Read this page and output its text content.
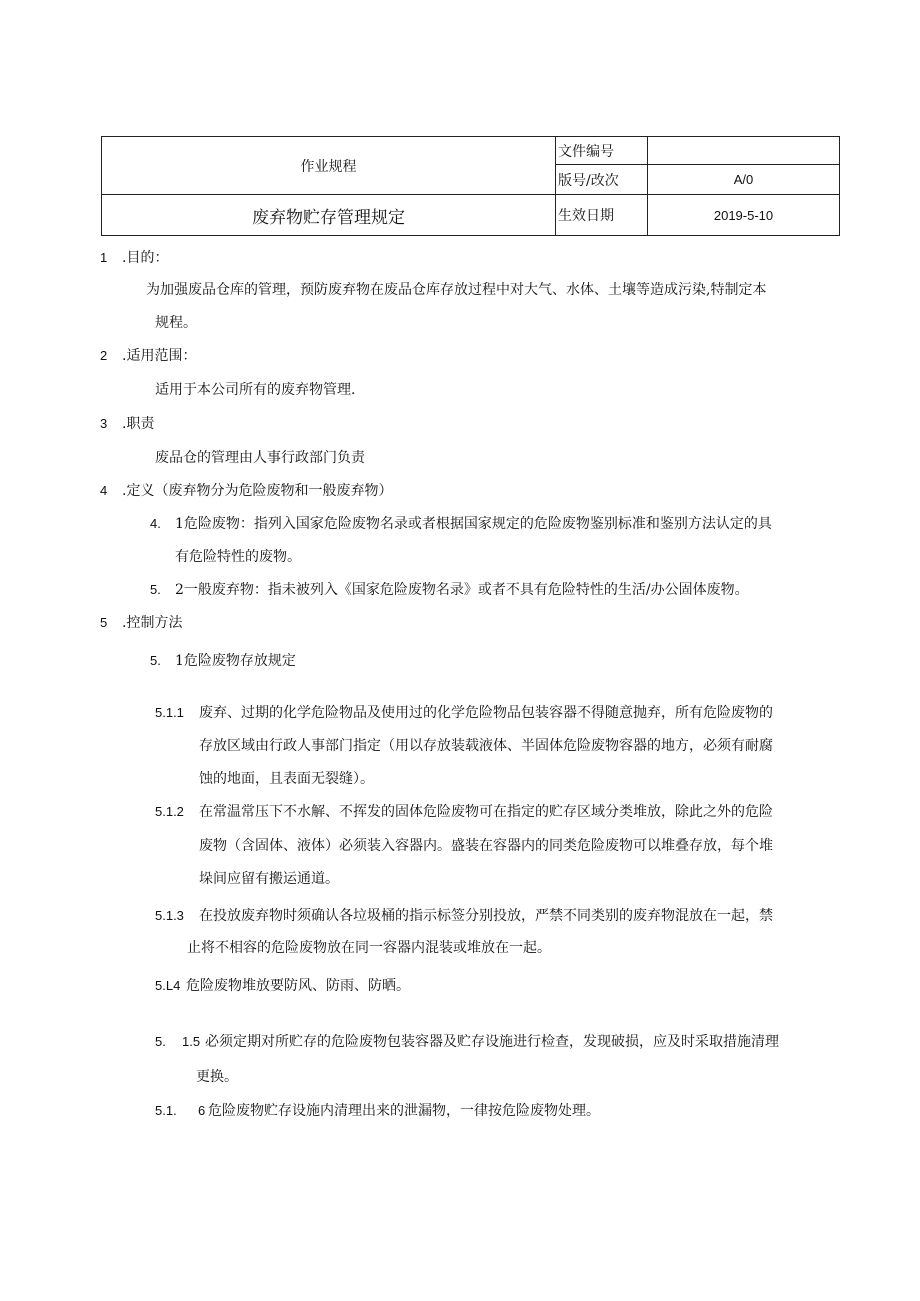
作业规程	文件编号	
	版号/改次	A/0
废弃物贮存管理规定	生效日期	2019-5-10
1 .目的：
为加强废品仓库的管理，预防废弃物在废品仓库存放过程中对大气、水体、土壤等造成污染,特制定本
规程。
2 .适用范围：
适用于本公司所有的废弃物管理.
3 .职责
废品仓的管理由人事行政部门负责
4 .定义（废弃物分为危险废物和一般废弃物）
4. 1危险废物：指列入国家危险废物名录或者根据国家规定的危险废物鉴别标准和鉴别方法认定的具
有危险特性的废物。
5. 2一般废弃物：指未被列入《国家危险废物名录》或者不具有危险特性的生活/办公固体废物。
5 .控制方法
5. 1危险废物存放规定
5.1.1 废弃、过期的化学危险物品及使用过的化学危险物品包装容器不得随意抛弃，所有危险废物的
存放区域由行政人事部门指定（用以存放装载液体、半固体危险废物容器的地方，必须有耐腐
蚀的地面，且表面无裂缝）。
5.1.2 在常温常压下不水解、不挥发的固体危险废物可在指定的贮存区域分类堆放，除此之外的危险
废物（含固体、液体）必须装入容器内。盛装在容器内的同类危险废物可以堆叠存放，每个堆
垛间应留有搬运通道。
5.1.3 在投放废弃物时须确认各垃圾桶的指示标签分别投放，严禁不同类别的废弃物混放在一起，禁
止将不相容的危险废物放在同一容器内混装或堆放在一起。
5.L4 危险废物堆放要防风、防雨、防晒。
5. 1.5 必须定期对所贮存的危险废物包装容器及贮存设施进行检查，发现破损，应及时采取措施清理
更换。
5.1. 6 危险废物贮存设施内清理出来的泄漏物，一律按危险废物处理。
